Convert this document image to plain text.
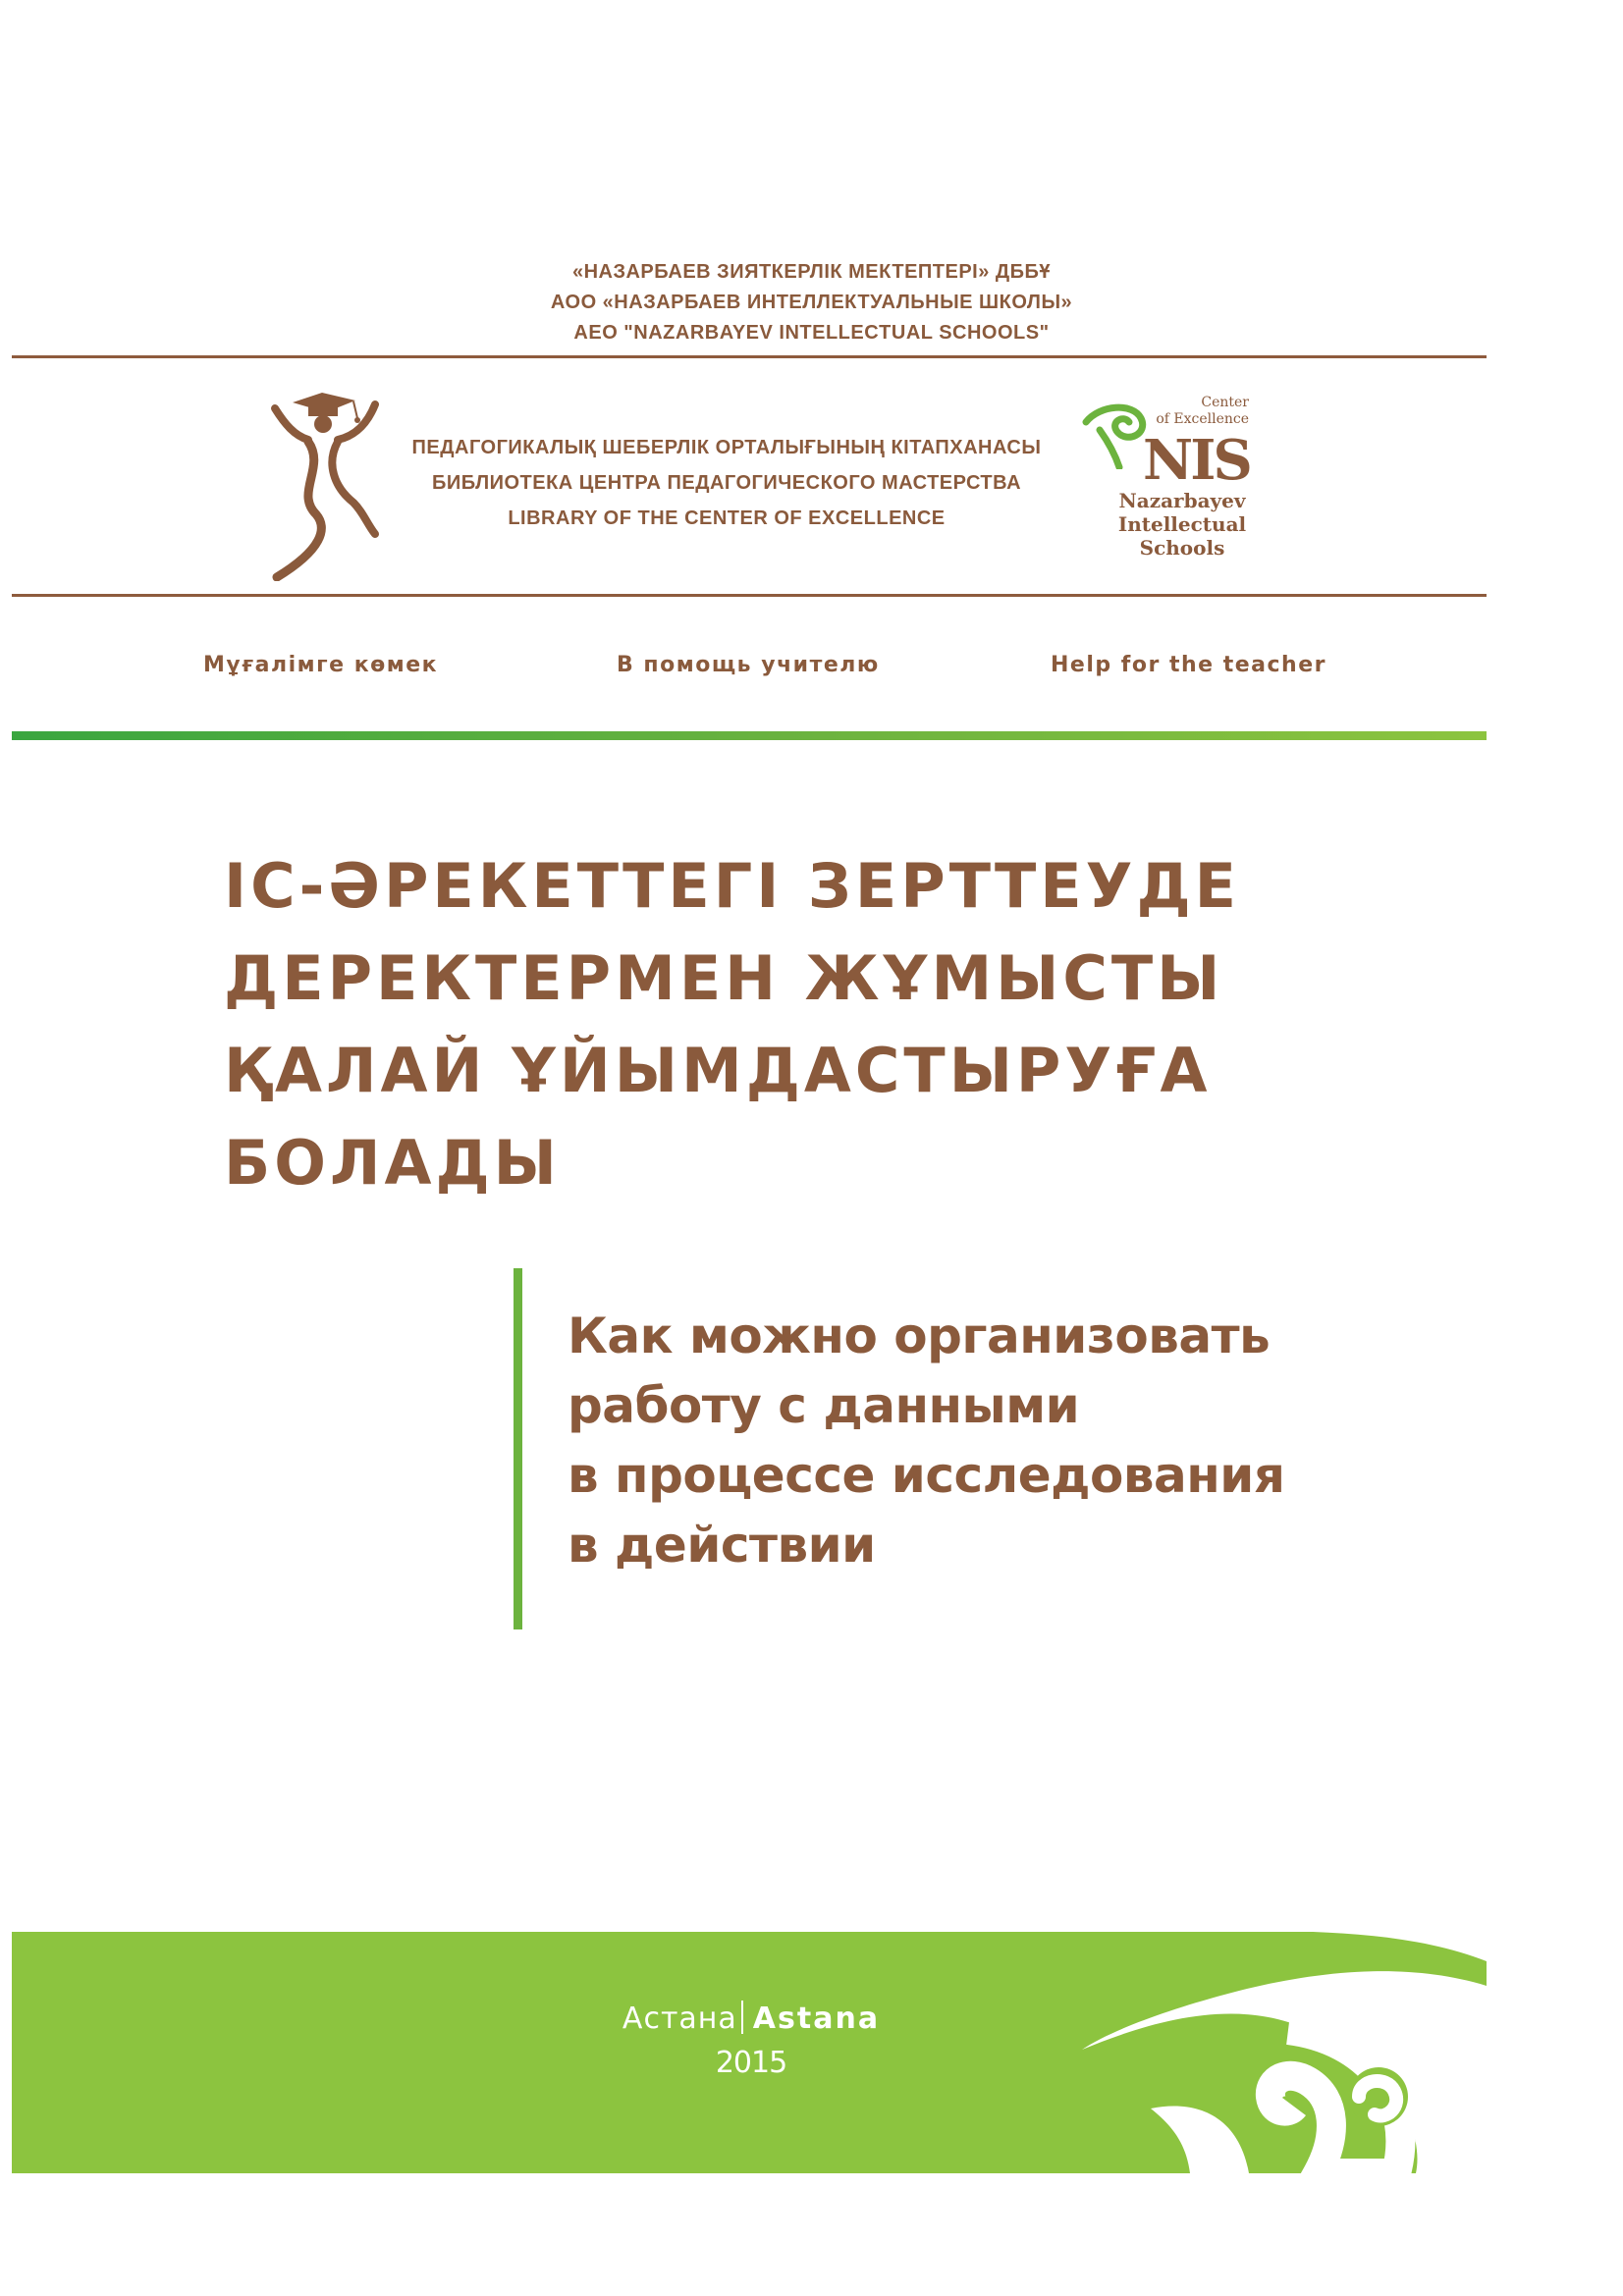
«НАЗАРБАЕВ ЗИЯТКЕРЛІК МЕКТЕПТЕРІ» ДББҰ
АОО «НАЗАРБАЕВ ИНТЕЛЛЕКТУАЛЬНЫЕ ШКОЛЫ»
AEO "NAZARBAYEV INTELLECTUAL SCHOOLS"
ПЕДАГОГИКАЛЫҚ ШЕБЕРЛІК ОРТАЛЫҒЫНЫҢ КІТАПХАНАСЫ
БИБЛИОТЕКА ЦЕНТРА ПЕДАГОГИЧЕСКОГО МАСТЕРСТВА
LIBRARY OF THE CENTER OF EXCELLENCE
Center
of Excellence
NIS
Nazarbayev
Intellectual
Schools
Мұғалімге көмек	В помощь учителю	Help for the teacher
ІС-ӘРЕКЕТТЕГІ ЗЕРТТЕУДЕ
ДЕРЕКТЕРМЕН ЖҰМЫСТЫ
ҚАЛАЙ ҰЙЫМДАСТЫРУҒА
БОЛАДЫ
Как можно организовать
работу с данными
в процессе исследования
в действии
Астана Astana
2015
